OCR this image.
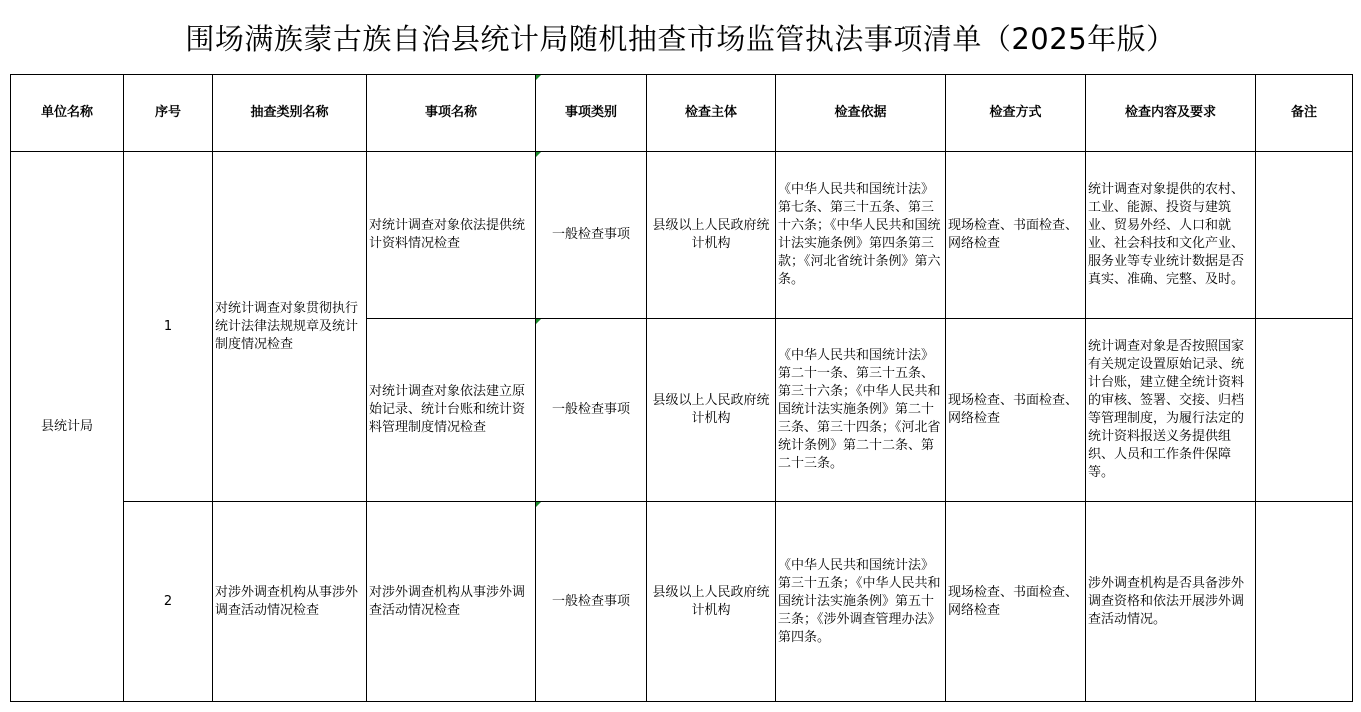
围场满族蒙古族自治县统计局随机抽查市场监管执法事项清单（2025年版）
单位名称	序号	抽查类别名称	事项名称	事项类别	检查主体	检查依据	检查方式	检查内容及要求	备注
县统计局	1	对统计调查对象贯彻执行统计法律法规规章及统计制度情况检查	对统计调查对象依法提供统计资料情况检查	一般检查事项	县级以上人民政府统计机构	《中华人民共和国统计法》第七条、第三十五条、第三十六条；《中华人民共和国统计法实施条例》第四条第三款；《河北省统计条例》第六条。	现场检查、书面检查、网络检查	统计调查对象提供的农村、工业、能源、投资与建筑业、贸易外经、人口和就业、社会科技和文化产业、服务业等专业统计数据是否真实、准确、完整、及时。	
			对统计调查对象依法建立原始记录、统计台账和统计资料管理制度情况检查	一般检查事项	县级以上人民政府统计机构	《中华人民共和国统计法》第二十一条、第三十五条、第三十六条；《中华人民共和国统计法实施条例》第二十三条、第三十四条；《河北省统计条例》第二十二条、第二十三条。	现场检查、书面检查、网络检查	统计调查对象是否按照国家有关规定设置原始记录、统计台账，建立健全统计资料的审核、签署、交接、归档等管理制度，为履行法定的统计资料报送义务提供组织、人员和工作条件保障等。	
	2	对涉外调查机构从事涉外调查活动情况检查	对涉外调查机构从事涉外调查活动情况检查	一般检查事项	县级以上人民政府统计机构	《中华人民共和国统计法》第三十五条；《中华人民共和国统计法实施条例》第五十三条；《涉外调查管理办法》第四条。	现场检查、书面检查、网络检查	涉外调查机构是否具备涉外调查资格和依法开展涉外调查活动情况。	
